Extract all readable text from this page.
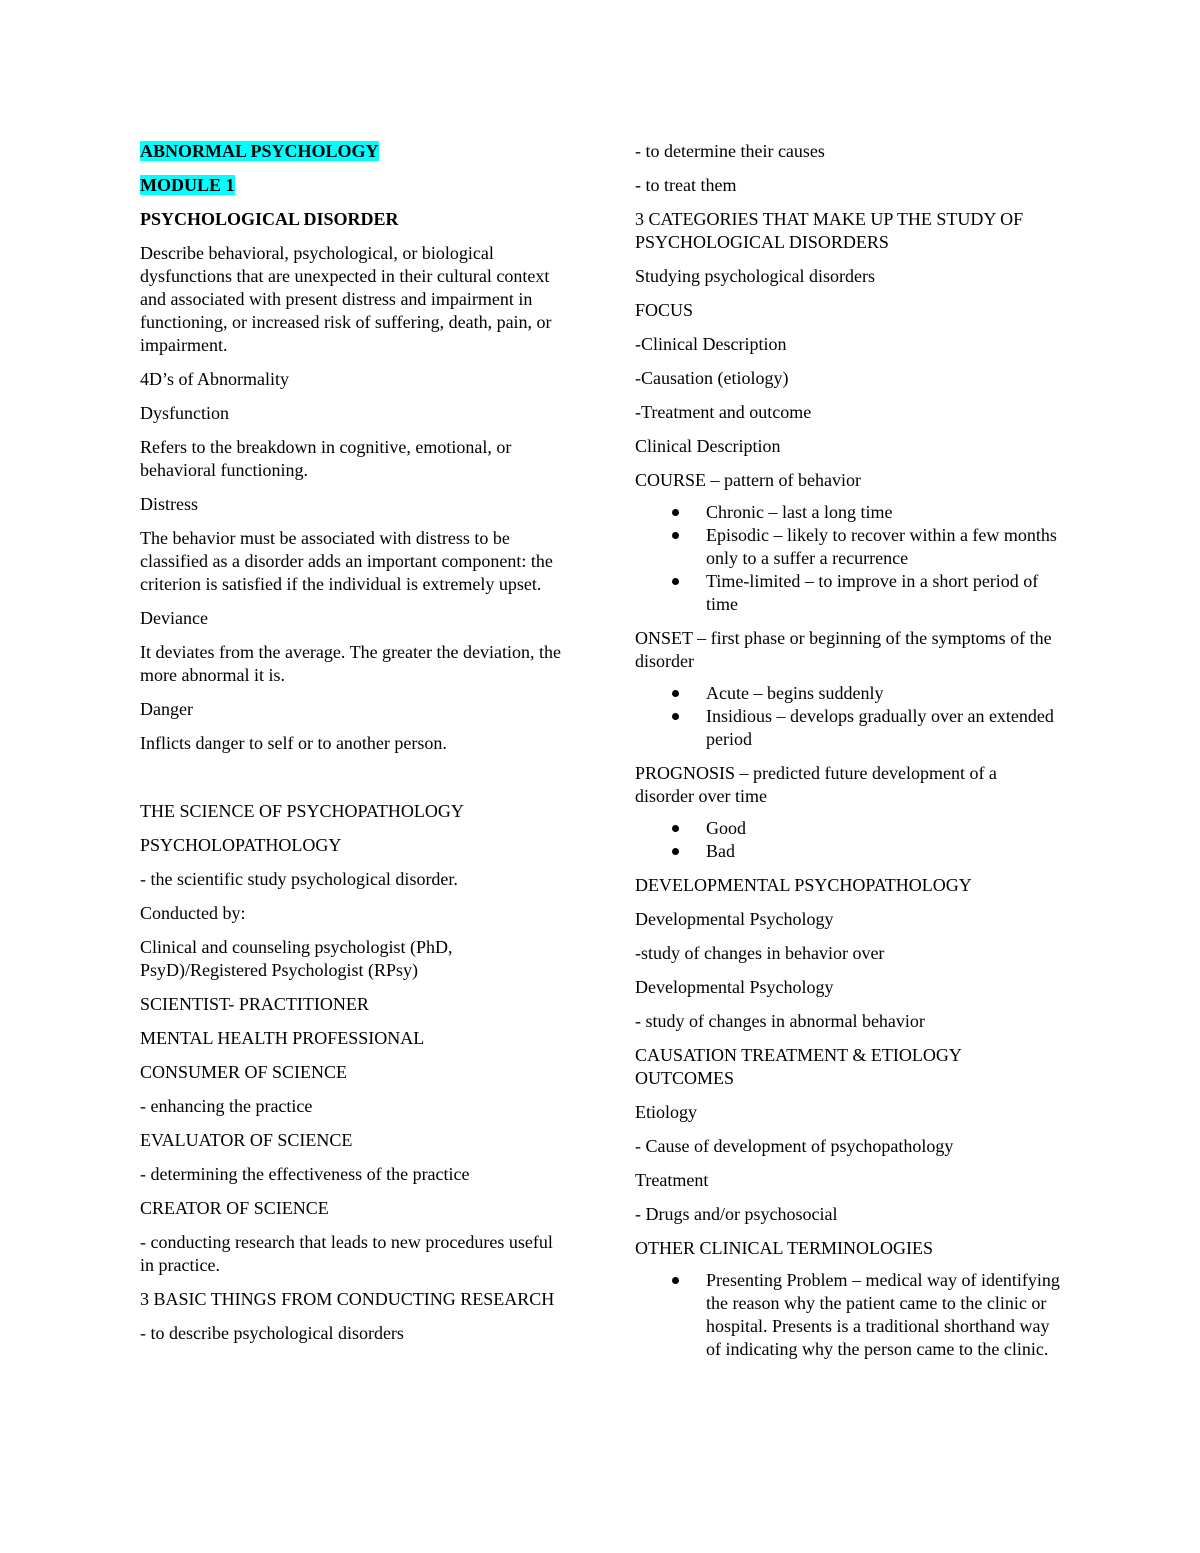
ABNORMAL PSYCHOLOGY

MODULE 1

PSYCHOLOGICAL DISORDER

Describe behavioral, psychological, or biological dysfunctions that are unexpected in their cultural context and associated with present distress and impairment in functioning, or increased risk of suffering, death, pain, or impairment.

4D’s of Abnormality

Dysfunction

Refers to the breakdown in cognitive, emotional, or behavioral functioning.

Distress

The behavior must be associated with distress to be classified as a disorder adds an important component: the criterion is satisfied if the individual is extremely upset.

Deviance

It deviates from the average. The greater the deviation, the more abnormal it is.

Danger

Inflicts danger to self or to another person.

THE SCIENCE OF PSYCHOPATHOLOGY

PSYCHOLOPATHOLOGY

- the scientific study psychological disorder.

Conducted by:

Clinical and counseling psychologist (PhD, PsyD)/Registered Psychologist (RPsy)

SCIENTIST- PRACTITIONER

MENTAL HEALTH PROFESSIONAL

CONSUMER OF SCIENCE

- enhancing the practice

EVALUATOR OF SCIENCE

- determining the effectiveness of the practice

CREATOR OF SCIENCE

- conducting research that leads to new procedures useful in practice.

3 BASIC THINGS FROM CONDUCTING RESEARCH

- to describe psychological disorders

- to determine their causes

- to treat them

3 CATEGORIES THAT MAKE UP THE STUDY OF PSYCHOLOGICAL DISORDERS

Studying psychological disorders

FOCUS

-Clinical Description

-Causation (etiology)

-Treatment and outcome

Clinical Description

COURSE – pattern of behavior

Chronic – last a long time
Episodic – likely to recover within a few months only to a suffer a recurrence
Time-limited – to improve in a short period of time

ONSET – first phase or beginning of the symptoms of the disorder

Acute – begins suddenly
Insidious – develops gradually over an extended period

PROGNOSIS – predicted future development of a disorder over time

Good
Bad

DEVELOPMENTAL PSYCHOPATHOLOGY

Developmental Psychology

-study of changes in behavior over

Developmental Psychology

- study of changes in abnormal behavior

CAUSATION TREATMENT & ETIOLOGY OUTCOMES

Etiology

- Cause of development of psychopathology

Treatment

- Drugs and/or psychosocial

OTHER CLINICAL TERMINOLOGIES

Presenting Problem – medical way of identifying the reason why the patient came to the clinic or hospital. Presents is a traditional shorthand way of indicating why the person came to the clinic.
